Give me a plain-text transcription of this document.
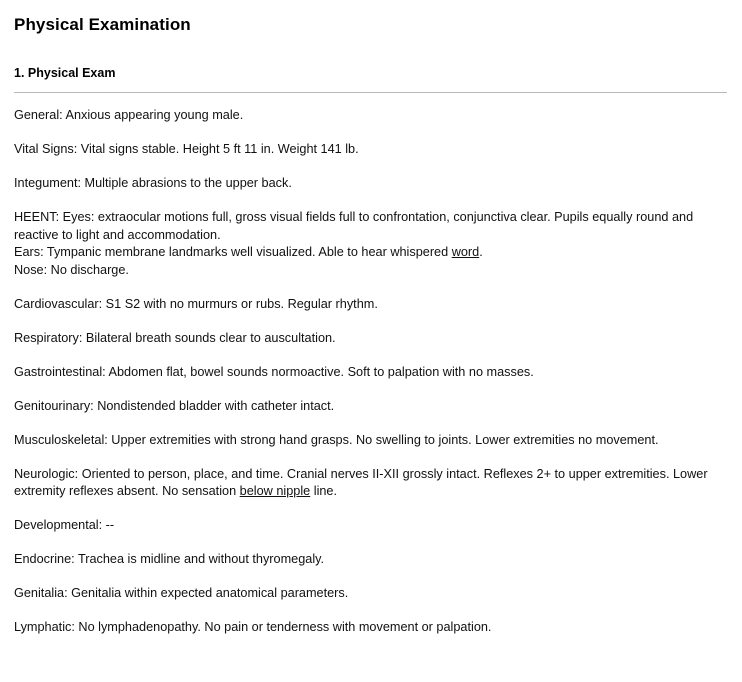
Physical Examination
1. Physical Exam
General: Anxious appearing young male.
Vital Signs: Vital signs stable. Height 5 ft 11 in. Weight 141 lb.
Integument: Multiple abrasions to the upper back.
HEENT: Eyes: extraocular motions full, gross visual fields full to confrontation, conjunctiva clear. Pupils equally round and reactive to light and accommodation.
Ears: Tympanic membrane landmarks well visualized. Able to hear whispered word.
Nose: No discharge.
Cardiovascular: S1 S2 with no murmurs or rubs. Regular rhythm.
Respiratory: Bilateral breath sounds clear to auscultation.
Gastrointestinal: Abdomen flat, bowel sounds normoactive. Soft to palpation with no masses.
Genitourinary: Nondistended bladder with catheter intact.
Musculoskeletal: Upper extremities with strong hand grasps. No swelling to joints. Lower extremities no movement.
Neurologic: Oriented to person, place, and time. Cranial nerves II-XII grossly intact. Reflexes 2+ to upper extremities. Lower extremity reflexes absent. No sensation below nipple line.
Developmental: --
Endocrine: Trachea is midline and without thyromegaly.
Genitalia: Genitalia within expected anatomical parameters.
Lymphatic: No lymphadenopathy. No pain or tenderness with movement or palpation.
